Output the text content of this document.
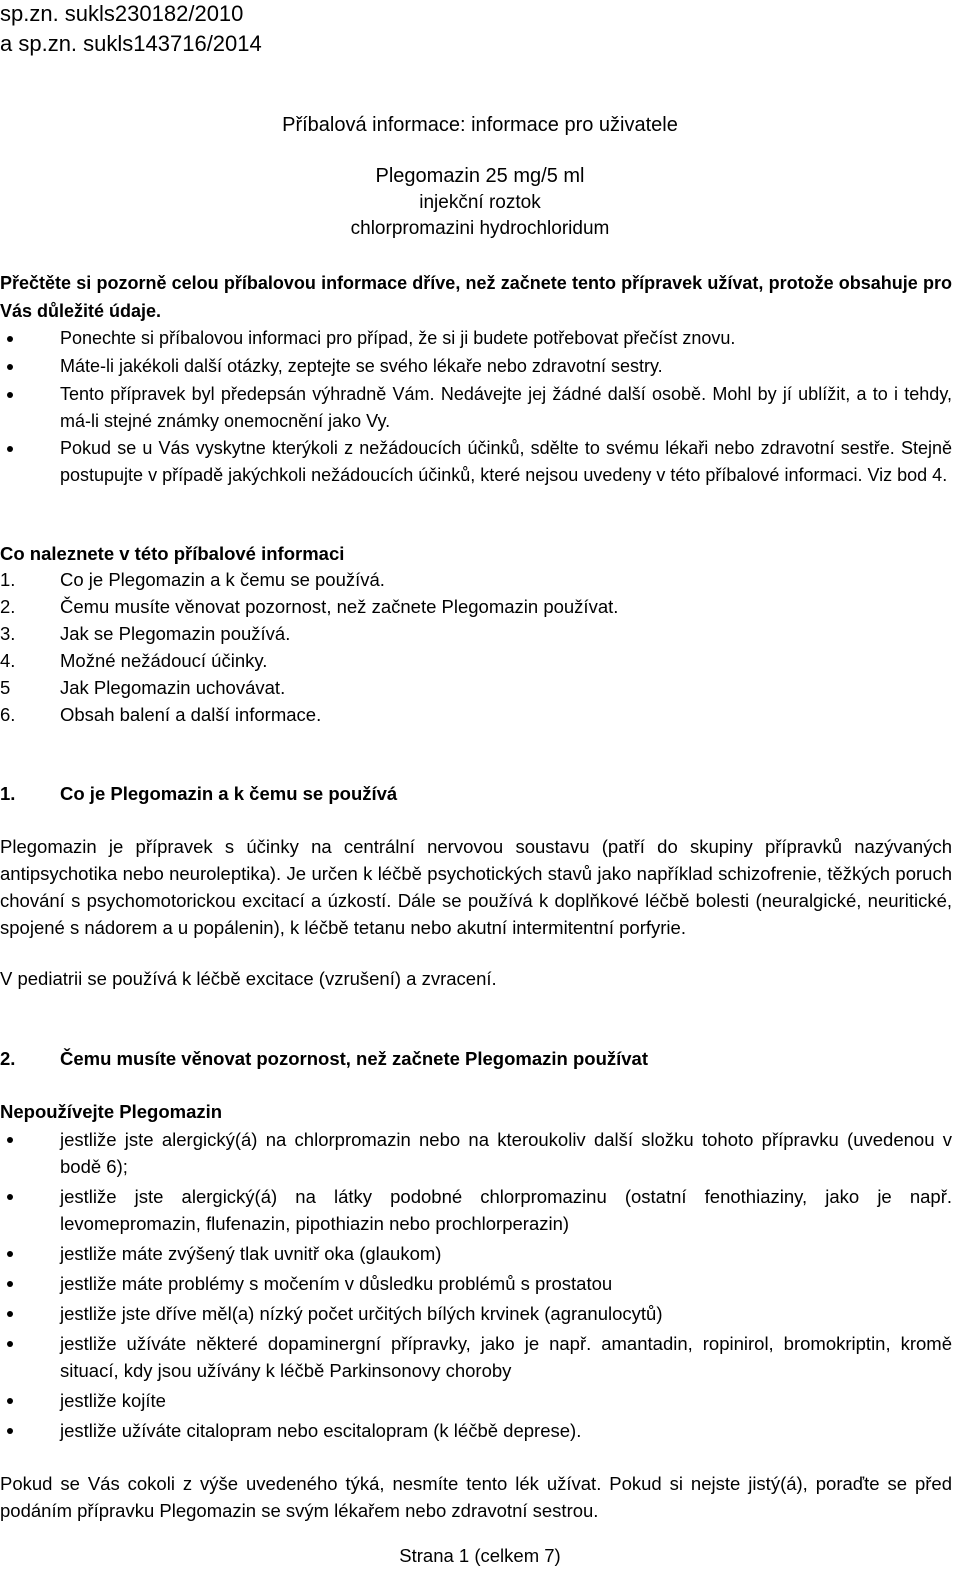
sp.zn. sukls230182/2010
a sp.zn. sukls143716/2014
Příbalová informace: informace pro uživatele
Plegomazin 25 mg/5 ml
injekční roztok
chlorpromazini hydrochloridum
Přečtěte si pozorně celou příbalovou informace dříve, než začnete tento přípravek užívat, protože obsahuje pro Vás důležité údaje.
Ponechte si příbalovou informaci pro případ, že si ji budete potřebovat přečíst znovu.
Máte-li jakékoli další otázky, zeptejte se svého lékaře nebo zdravotní sestry.
Tento přípravek byl předepsán výhradně Vám. Nedávejte jej žádné další osobě. Mohl by jí ublížit, a to i tehdy, má-li stejné známky onemocnění jako Vy.
Pokud se u Vás vyskytne kterýkoli z nežádoucích účinků, sdělte to svému lékaři nebo zdravotní sestře. Stejně postupujte v případě jakýchkoli nežádoucích účinků, které nejsou uvedeny v této příbalové informaci. Viz bod 4.
Co naleznete v této příbalové informaci
1. Co je Plegomazin a k čemu se používá.
2. Čemu musíte věnovat pozornost, než začnete Plegomazin používat.
3. Jak se Plegomazin používá.
4. Možné nežádoucí účinky.
5	Jak Plegomazin uchovávat.
6. Obsah balení a další informace.
1. Co je Plegomazin a k čemu se používá
Plegomazin je přípravek s účinky na centrální nervovou soustavu (patří do skupiny přípravků nazývaných antipsychotika nebo neuroleptika). Je určen k léčbě psychotických stavů jako například schizofrenie, těžkých poruch chování s psychomotorickou excitací a úzkostí. Dále se používá k doplňkové léčbě bolesti (neuralgické, neuritické, spojené s nádorem a u popálenin), k léčbě tetanu nebo akutní intermitentní porfyrie.
V pediatrii se používá k léčbě excitace (vzrušení) a zvracení.
2. Čemu musíte věnovat pozornost, než začnete Plegomazin používat
Nepoužívejte Plegomazin
jestliže jste alergický(á) na chlorpromazin nebo na kteroukoliv další složku tohoto přípravku (uvedenou v bodě 6);
jestliže jste alergický(á) na látky podobné chlorpromazinu (ostatní fenothiaziny, jako je např. levomepromazin, flufenazin, pipothiazin nebo prochlorperazin)
jestliže máte zvýšený tlak uvnitř oka (glaukom)
jestliže máte problémy s močením v důsledku problémů s prostatou
jestliže jste dříve měl(a) nízký počet určitých bílých krvinek (agranulocytů)
jestliže užíváte některé dopaminergní přípravky, jako je např. amantadin, ropinirol, bromokriptin, kromě situací, kdy jsou užívány k léčbě Parkinsonovy choroby
jestliže kojíte
jestliže užíváte citalopram nebo escitalopram (k léčbě deprese).
Pokud se Vás cokoli z výše uvedeného týká, nesmíte tento lék užívat. Pokud si nejste jistý(á), poraďte se před podáním přípravku Plegomazin se svým lékařem nebo zdravotní sestrou.
Strana 1 (celkem 7)
